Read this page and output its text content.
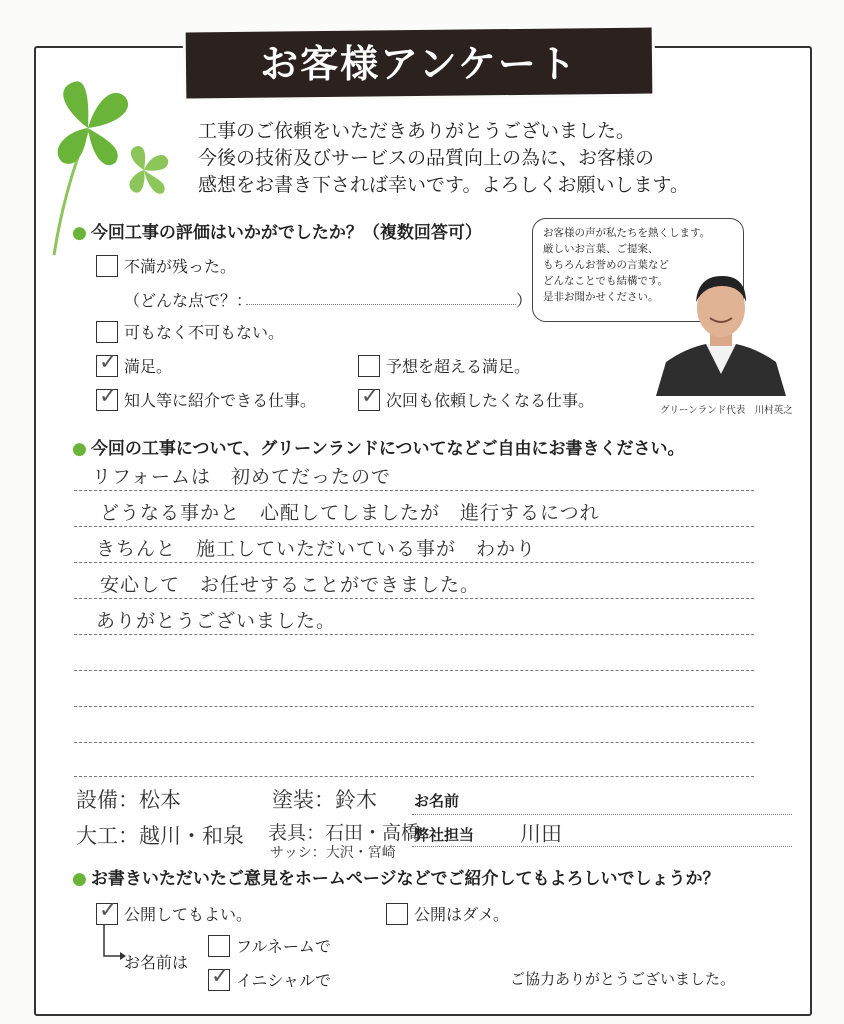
お客様アンケート
工事のご依頼をいただきありがとうございました。
今後の技術及びサービスの品質向上の為に、お客様の
感想をお書き下されば幸いです。よろしくお願いします。
● 今回工事の評価はいかがでしたか？（複数回答可）
不満が残った。
（どんな点で？：	）
可もなく不可もない。
✓ 満足。	予想を超える満足。
✓ 知人等に紹介できる仕事。 ✓ 次回も依頼したくなる仕事。
お客様の声が私たちを熱くします。
厳しいお言葉、ご提案、
もちろんお誉めの言葉など
どんなことでも結構です。
是非お聞かせください。
グリーンランド代表　川村英之
● 今回の工事について、グリーンランドについてなどご自由にお書きください。
リフォームは　初めてだったので
どうなる事かと　心配してしましたが　進行するにつれ
きちんと　施工していただいている事が　わかり
安心して　お任せすることができました。
ありがとうございました。
設備：松本	塗装：鈴木 お名前
大工：越川・和泉 表具：石田・高橋
弊社担当 川田
サッシ：大沢・宮崎
● お書きいただいたご意見をホームページなどでご紹介してもよろしいでしょうか？
✓ 公開してもよい。	公開はダメ。
お名前は
フルネームで
✓ イニシャルで	ご協力ありがとうございました。
